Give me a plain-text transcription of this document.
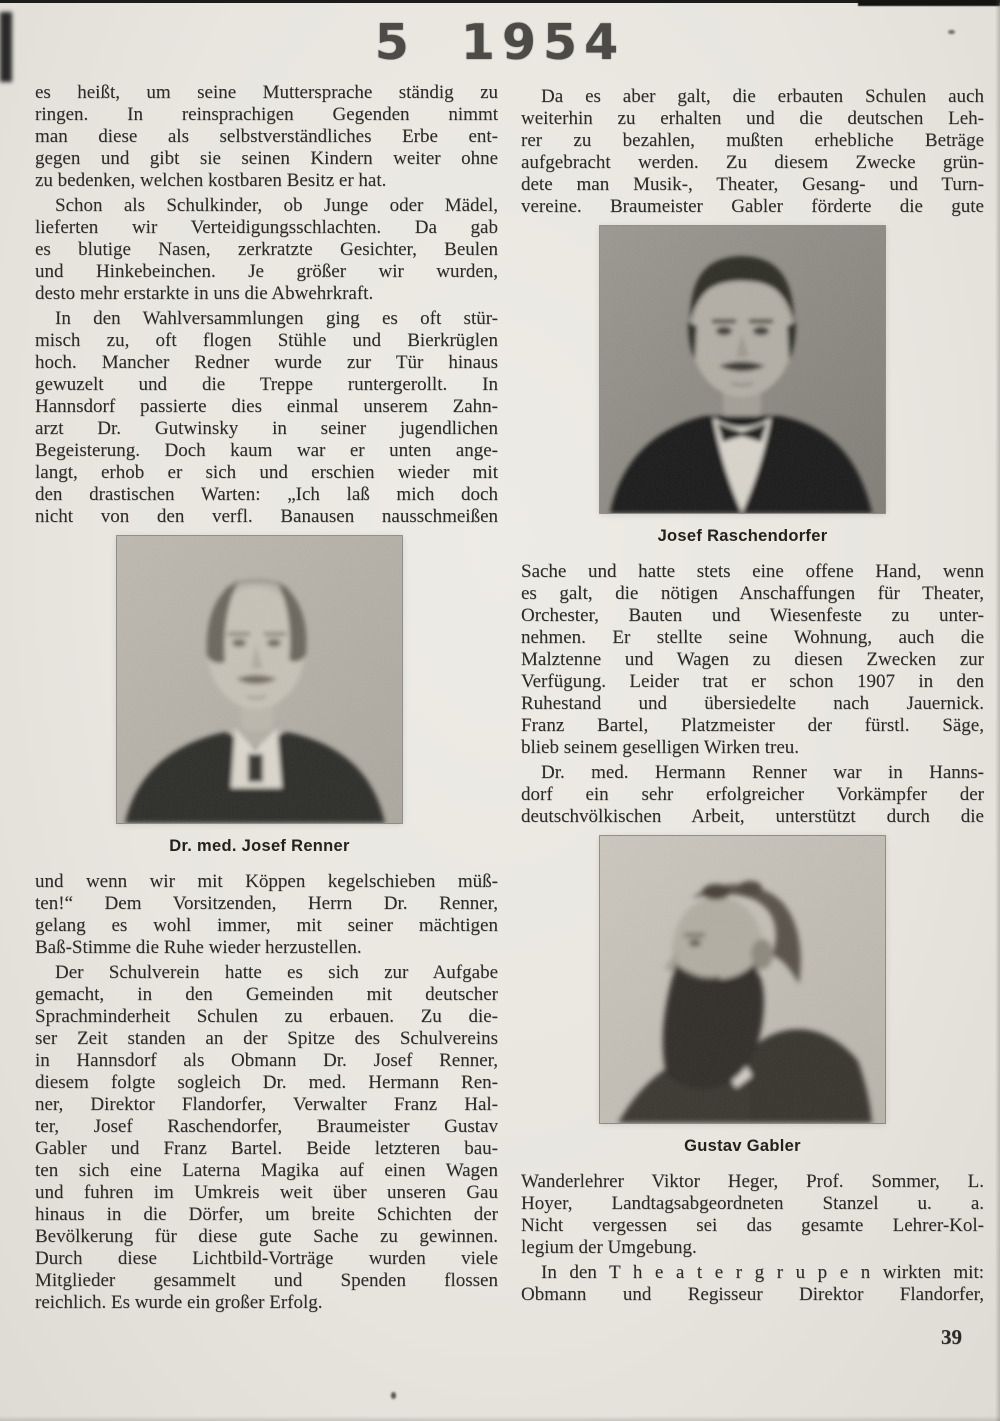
5 1954
es heißt, um seine Muttersprache ständig zu
ringen. In reinsprachigen Gegenden nimmt
man diese als selbstverständliches Erbe ent-
gegen und gibt sie seinen Kindern weiter ohne
zu bedenken, welchen kostbaren Besitz er hat.
Schon als Schulkinder, ob Junge oder Mädel,
lieferten wir Verteidigungsschlachten. Da gab
es blutige Nasen, zerkratzte Gesichter, Beulen
und Hinkebeinchen. Je größer wir wurden,
desto mehr erstarkte in uns die Abwehrkraft.
In den Wahlversammlungen ging es oft stür-
misch zu, oft flogen Stühle und Bierkrüglen
hoch. Mancher Redner wurde zur Tür hinaus
gewuzelt und die Treppe runtergerollt. In
Hannsdorf passierte dies einmal unserem Zahn-
arzt Dr. Gutwinsky in seiner jugendlichen
Begeisterung. Doch kaum war er unten ange-
langt, erhob er sich und erschien wieder mit
den drastischen Warten: „Ich laß mich doch
nicht von den verfl. Banausen nausschmeißen
Dr. med. Josef Renner
und wenn wir mit Köppen kegelschieben müß-
ten!“ Dem Vorsitzenden, Herrn Dr. Renner,
gelang es wohl immer, mit seiner mächtigen
Baß-Stimme die Ruhe wieder herzustellen.
Der Schulverein hatte es sich zur Aufgabe
gemacht, in den Gemeinden mit deutscher
Sprachminderheit Schulen zu erbauen. Zu die-
ser Zeit standen an der Spitze des Schulvereins
in Hannsdorf als Obmann Dr. Josef Renner,
diesem folgte sogleich Dr. med. Hermann Ren-
ner, Direktor Flandorfer, Verwalter Franz Hal-
ter, Josef Raschendorfer, Braumeister Gustav
Gabler und Franz Bartel. Beide letzteren bau-
ten sich eine Laterna Magika auf einen Wagen
und fuhren im Umkreis weit über unseren Gau
hinaus in die Dörfer, um breite Schichten der
Bevölkerung für diese gute Sache zu gewinnen.
Durch diese Lichtbild-Vorträge wurden viele
Mitglieder gesammelt und Spenden flossen
reichlich. Es wurde ein großer Erfolg.
Da es aber galt, die erbauten Schulen auch
weiterhin zu erhalten und die deutschen Leh-
rer zu bezahlen, mußten erhebliche Beträge
aufgebracht werden. Zu diesem Zwecke grün-
dete man Musik-, Theater, Gesang- und Turn-
vereine. Braumeister Gabler förderte die gute
Josef Raschendorfer
Sache und hatte stets eine offene Hand, wenn
es galt, die nötigen Anschaffungen für Theater,
Orchester, Bauten und Wiesenfeste zu unter-
nehmen. Er stellte seine Wohnung, auch die
Malztenne und Wagen zu diesen Zwecken zur
Verfügung. Leider trat er schon 1907 in den
Ruhestand und übersiedelte nach Jauernick.
Franz Bartel, Platzmeister der fürstl. Säge,
blieb seinem geselligen Wirken treu.
Dr. med. Hermann Renner war in Hanns-
dorf ein sehr erfolgreicher Vorkämpfer der
deutschvölkischen Arbeit, unterstützt durch die
Gustav Gabler
Wanderlehrer Viktor Heger, Prof. Sommer, L.
Hoyer, Landtagsabgeordneten Stanzel u. a.
Nicht vergessen sei das gesamte Lehrer-Kol-
legium der Umgebung.
In den T h e a t e r g r u p e n wirkten mit:
Obmann und Regisseur Direktor Flandorfer,
39
